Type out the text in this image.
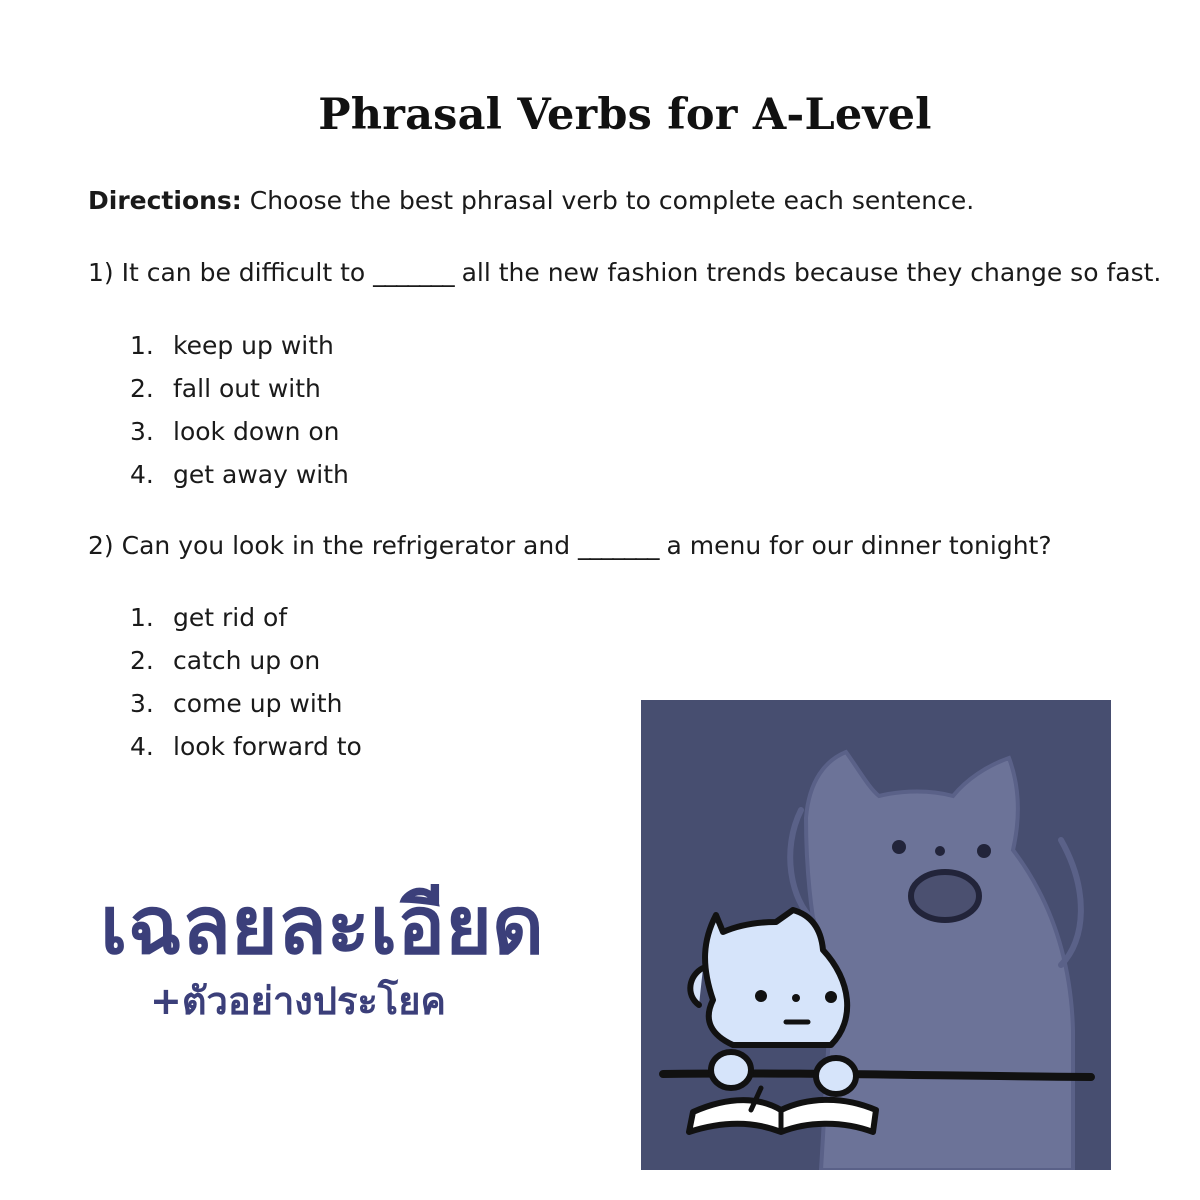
Phrasal Verbs for A-Level
Directions: Choose the best phrasal verb to complete each sentence.
1) It can be difficult to _______ all the new fashion trends because they change so fast.
1. keep up with
2. fall out with
3. look down on
4. get away with
2) Can you look in the refrigerator and _______ a menu for our dinner tonight?
1. get rid of
2. catch up on
3. come up with
4. look forward to
เฉลยละเอียด
+ตัวอย่างประโยค
